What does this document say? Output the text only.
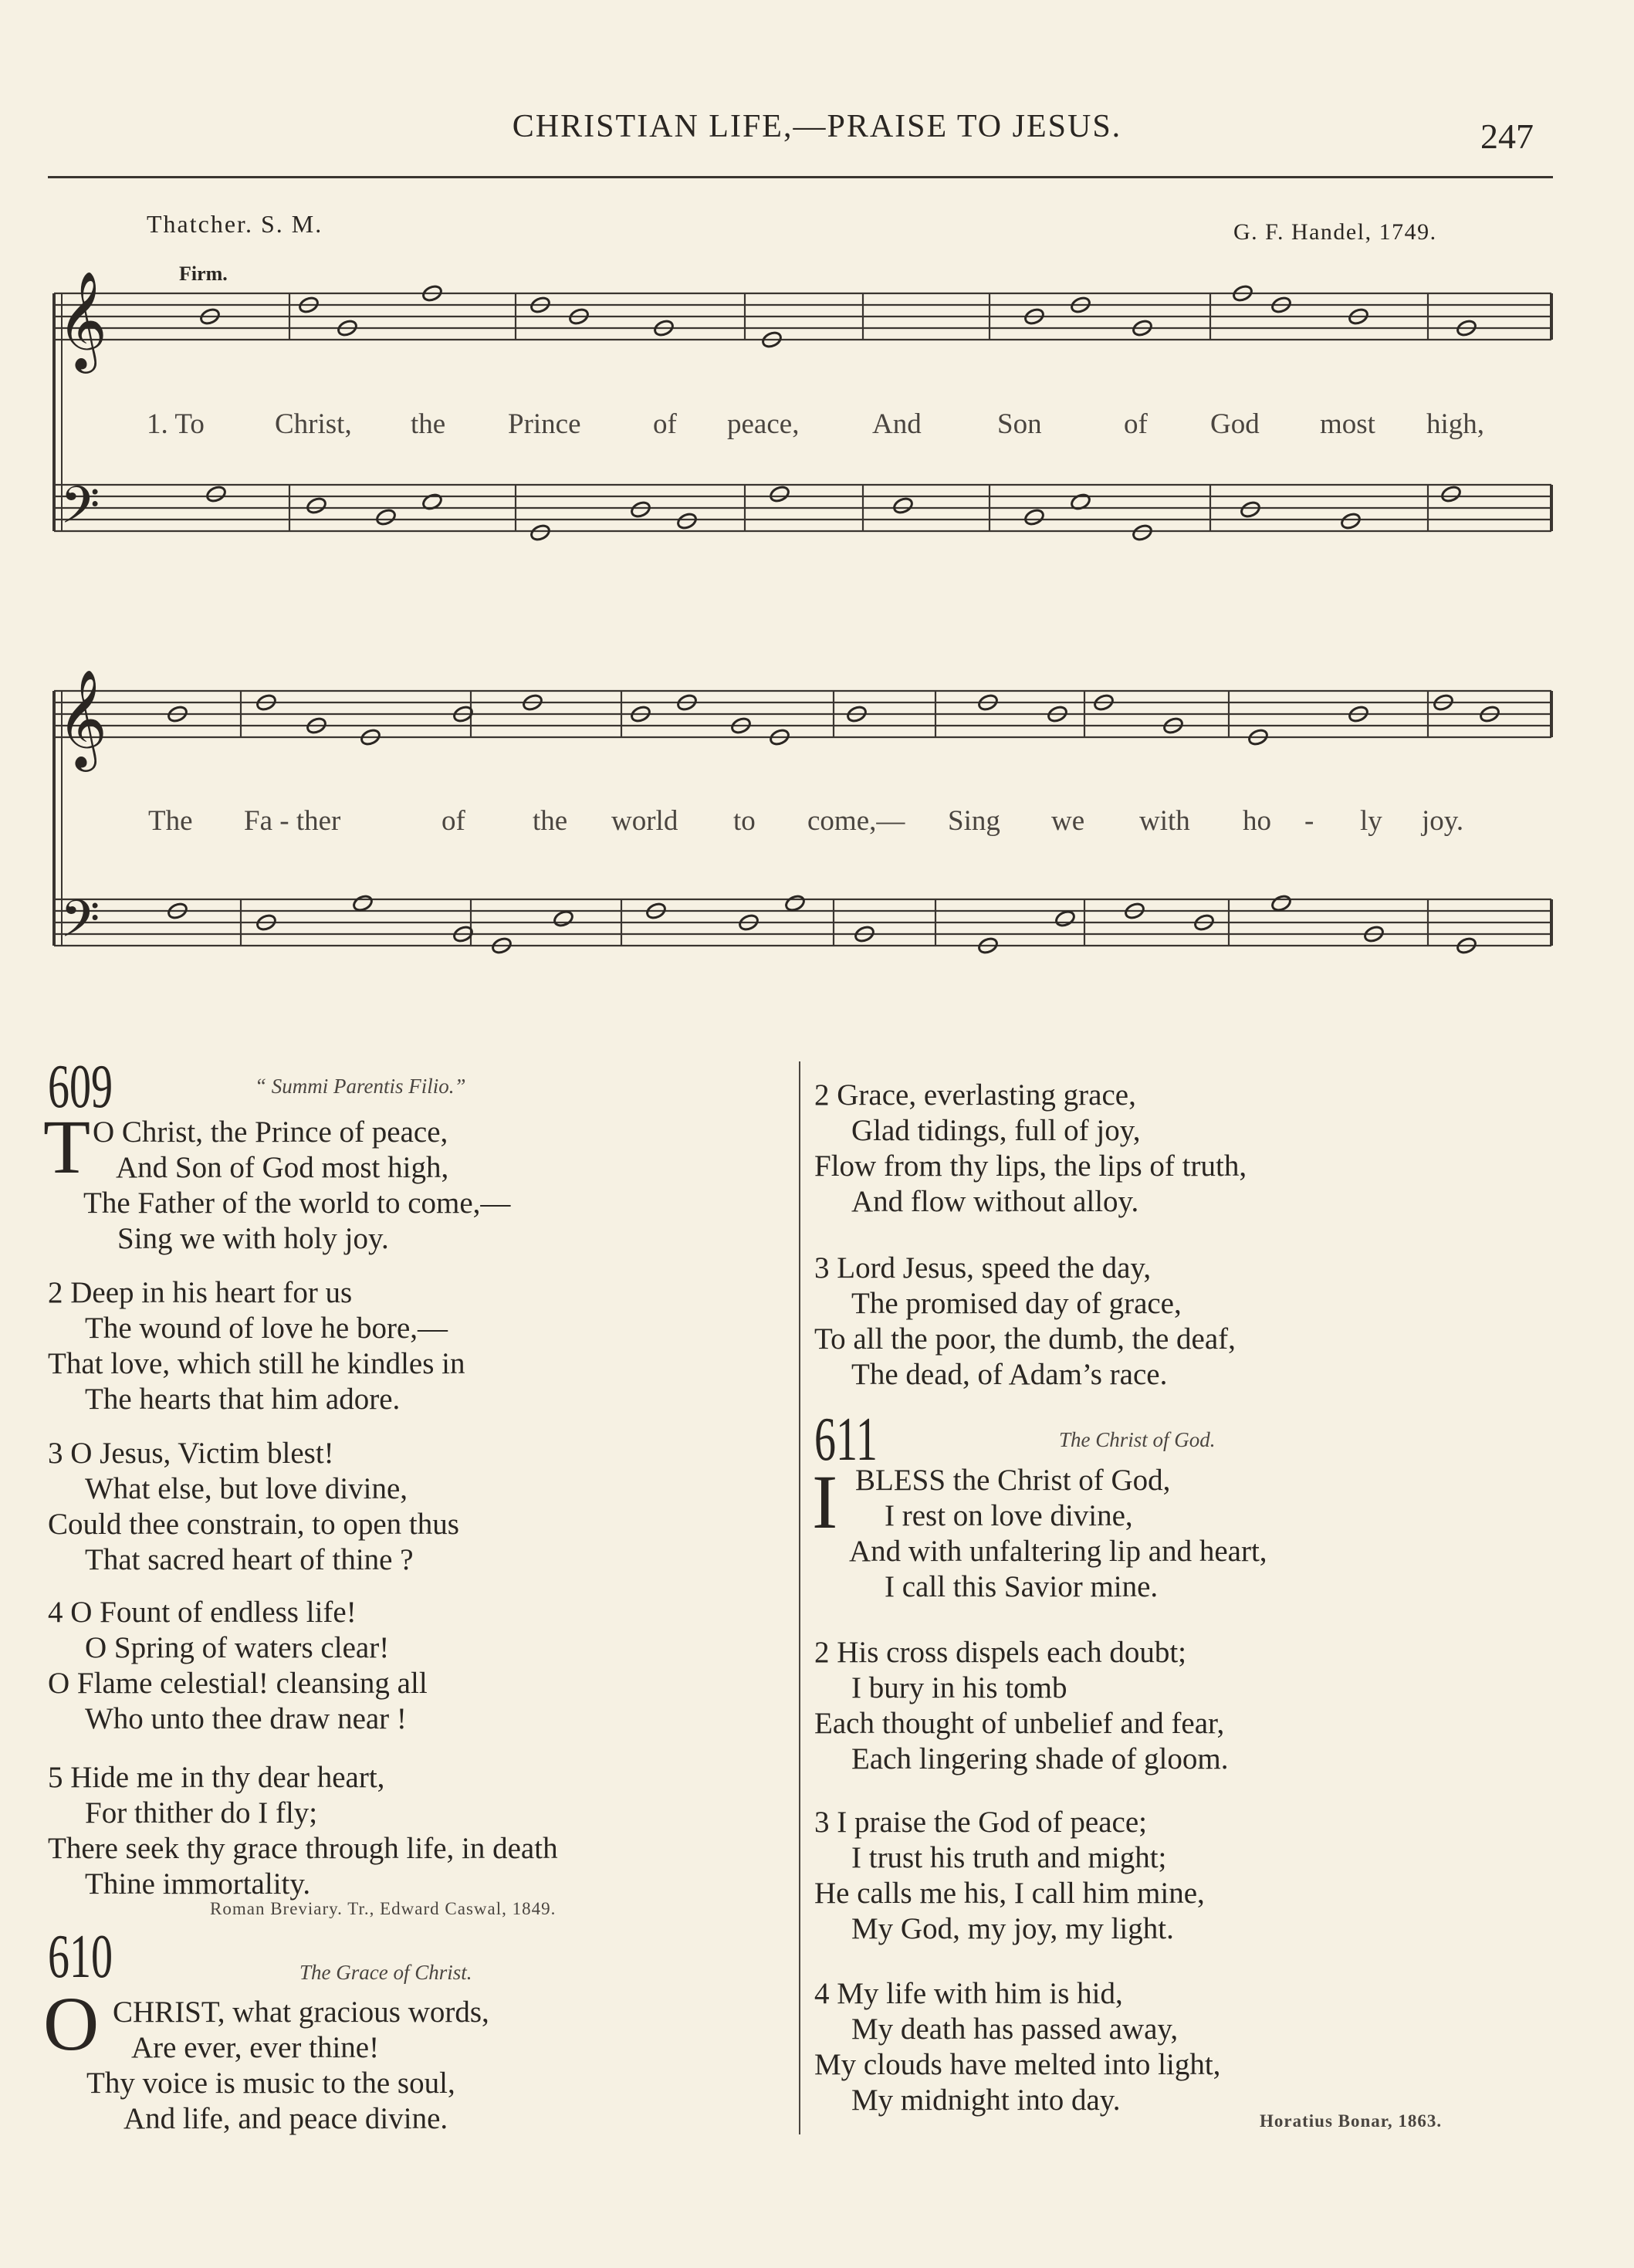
CHRISTIAN LIFE,—PRAISE TO JESUS.	247
Thatcher. S. M.	G. F. Handel, 1749.
Firm.
𝄞
𝄢
𝄞
𝄢
1. To Christ, the Prince	of peace,	And	Son	of God most high,
The Fa - ther	of the world to come,— Sing we with ho - ly joy.
609	“ Summi Parentis Filio.”
T O Christ, the Prince of peace,
And Son of God most high,
The Father of the world to come,—
Sing we with holy joy.
2 Deep in his heart for us
The wound of love he bore,—
That love, which still he kindles in
The hearts that him adore.
3 O Jesus, Victim blest!
What else, but love divine,
Could thee constrain, to open thus
That sacred heart of thine ?
4 O Fount of endless life!
O Spring of waters clear!
O Flame celestial! cleansing all
Who unto thee draw near !
5 Hide me in thy dear heart,
For thither do I fly;
There seek thy grace through life, in death
Thine immortality.
Roman Breviary. Tr., Edward Caswal, 1849.
610	The Grace of Christ.
O CHRIST, what gracious words,
Are ever, ever thine!
Thy voice is music to the soul,
And life, and peace divine.
2 Grace, everlasting grace,
Glad tidings, full of joy,
Flow from thy lips, the lips of truth,
And flow without alloy.
3 Lord Jesus, speed the day,
The promised day of grace,
To all the poor, the dumb, the deaf,
The dead, of Adam’s race.
611	The Christ of God.
I BLESS the Christ of God,
I rest on love divine,
And with unfaltering lip and heart,
I call this Savior mine.
2 His cross dispels each doubt;
I bury in his tomb
Each thought of unbelief and fear,
Each lingering shade of gloom.
3 I praise the God of peace;
I trust his truth and might;
He calls me his, I call him mine,
My God, my joy, my light.
4 My life with him is hid,
My death has passed away,
My clouds have melted into light,
My midnight into day.
Horatius Bonar, 1863.
